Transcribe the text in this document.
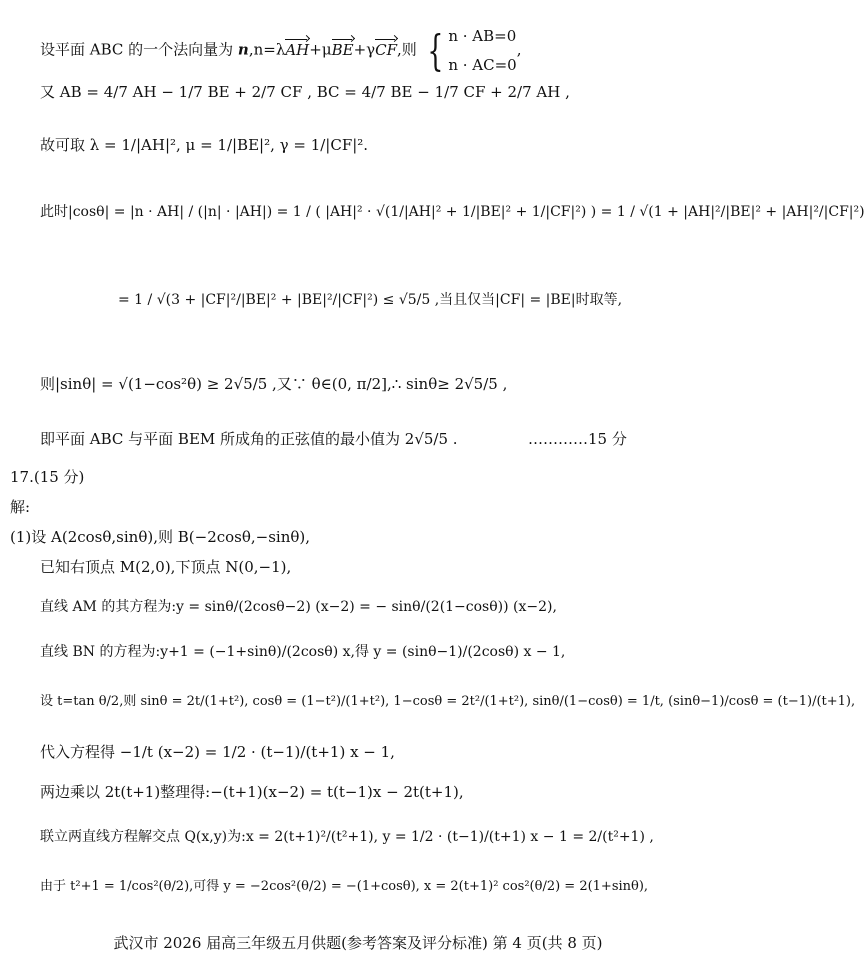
设平面 ABC 的一个法向量为 n,n=λAH+μBE+γCF,则 { n · AB=0
n · AC=0
,
又 AB = 4/7 AH − 1/7 BE + 2/7 CF , BC = 4/7 BE − 1/7 CF + 2/7 AH ,
故可取 λ = 1/|AH|², μ = 1/|BE|², γ = 1/|CF|².
此时|cosθ| = |n · AH| / (|n| · |AH|) = 1 / ( |AH|² · √(1/|AH|² + 1/|BE|² + 1/|CF|²) ) = 1 / √(1 + |AH|²/|BE|² + |AH|²/|CF|²)
= 1 / √(3 + |CF|²/|BE|² + |BE|²/|CF|²) ≤ √5/5 ,当且仅当|CF| = |BE|时取等,
则|sinθ| = √(1−cos²θ) ≥ 2√5/5 ,又∵ θ∈(0, π/2],∴ sinθ≥ 2√5/5 ,
即平面 ABC 与平面 BEM 所成角的正弦值的最小值为 2√5/5 .	…………15 分
17.(15 分)
解:
(1)设 A(2cosθ,sinθ),则 B(−2cosθ,−sinθ),
已知右顶点 M(2,0),下顶点 N(0,−1),
直线 AM 的其方程为:y = sinθ/(2cosθ−2) (x−2) = − sinθ/(2(1−cosθ)) (x−2),
直线 BN 的方程为:y+1 = (−1+sinθ)/(2cosθ) x,得 y = (sinθ−1)/(2cosθ) x − 1,
设 t=tan θ/2,则 sinθ = 2t/(1+t²), cosθ = (1−t²)/(1+t²), 1−cosθ = 2t²/(1+t²), sinθ/(1−cosθ) = 1/t, (sinθ−1)/cosθ = (t−1)/(t+1),
代入方程得 −1/t (x−2) = 1/2 · (t−1)/(t+1) x − 1,
两边乘以 2t(t+1)整理得:−(t+1)(x−2) = t(t−1)x − 2t(t+1),
联立两直线方程解交点 Q(x,y)为:x = 2(t+1)²/(t²+1), y = 1/2 · (t−1)/(t+1) x − 1 = 2/(t²+1) ,
由于 t²+1 = 1/cos²(θ/2),可得 y = −2cos²(θ/2) = −(1+cosθ), x = 2(t+1)² cos²(θ/2) = 2(1+sinθ),
武汉市 2026 届高三年级五月供题(参考答案及评分标准) 第 4 页(共 8 页)
